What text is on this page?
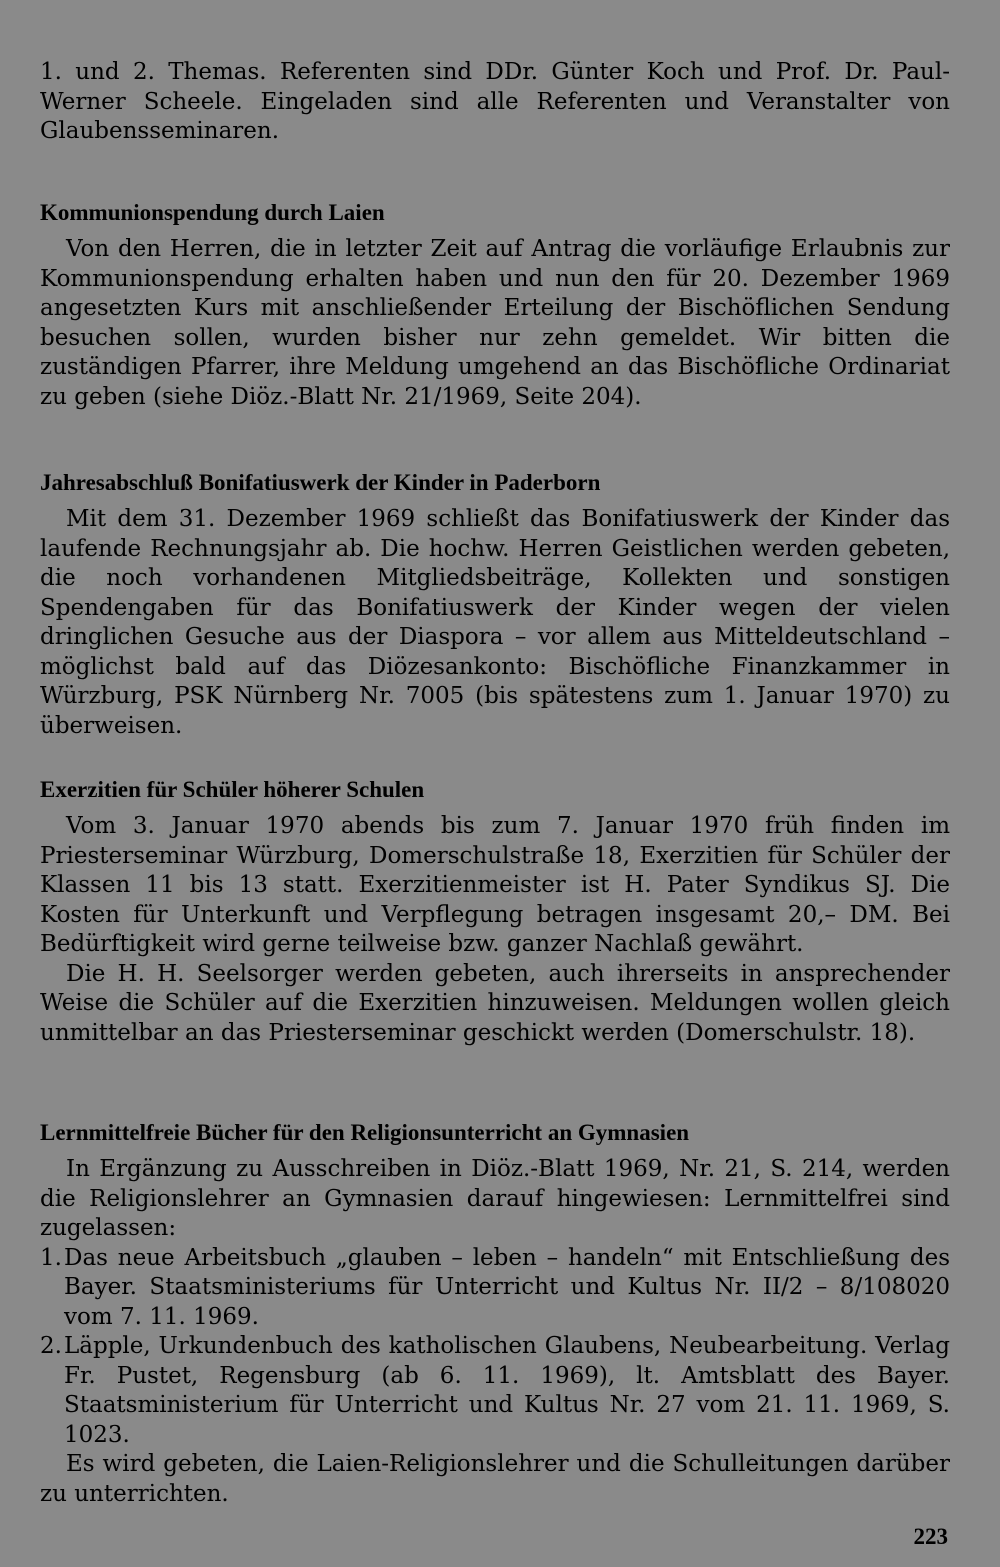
1. und 2. Themas. Referenten sind DDr. Günter Koch und Prof. Dr. Paul-Werner Scheele. Eingeladen sind alle Referenten und Veranstalter von Glaubensseminaren.

Kommunionspendung durch Laien

Von den Herren, die in letzter Zeit auf Antrag die vorläufige Erlaubnis zur Kommunionspendung erhalten haben und nun den für 20. Dezember 1969 angesetzten Kurs mit anschließender Erteilung der Bischöflichen Sendung besuchen sollen, wurden bisher nur zehn gemeldet. Wir bitten die zuständigen Pfarrer, ihre Meldung umgehend an das Bischöfliche Ordinariat zu geben (siehe Diöz.-Blatt Nr. 21/1969, Seite 204).

Jahresabschluß Bonifatiuswerk der Kinder in Paderborn

Mit dem 31. Dezember 1969 schließt das Bonifatiuswerk der Kinder das laufende Rechnungsjahr ab. Die hochw. Herren Geistlichen werden gebeten, die noch vorhandenen Mitgliedsbeiträge, Kollekten und sonstigen Spendengaben für das Bonifatiuswerk der Kinder wegen der vielen dringlichen Gesuche aus der Diaspora – vor allem aus Mitteldeutschland – möglichst bald auf das Diözesankonto: Bischöfliche Finanzkammer in Würzburg, PSK Nürnberg Nr. 7005 (bis spätestens zum 1. Januar 1970) zu überweisen.

Exerzitien für Schüler höherer Schulen

Vom 3. Januar 1970 abends bis zum 7. Januar 1970 früh finden im Priesterseminar Würzburg, Domerschulstraße 18, Exerzitien für Schüler der Klassen 11 bis 13 statt. Exerzitienmeister ist H. Pater Syndikus SJ. Die Kosten für Unterkunft und Verpflegung betragen insgesamt 20,– DM. Bei Bedürftigkeit wird gerne teilweise bzw. ganzer Nachlaß gewährt.

Die H. H. Seelsorger werden gebeten, auch ihrerseits in ansprechender Weise die Schüler auf die Exerzitien hinzuweisen. Meldungen wollen gleich unmittelbar an das Priesterseminar geschickt werden (Domerschulstr. 18).

Lernmittelfreie Bücher für den Religionsunterricht an Gymnasien

In Ergänzung zu Ausschreiben in Diöz.-Blatt 1969, Nr. 21, S. 214, werden die Religionslehrer an Gymnasien darauf hingewiesen: Lernmittelfrei sind zugelassen:

1. Das neue Arbeitsbuch „glauben – leben – handeln“ mit Entschließung des Bayer. Staatsministeriums für Unterricht und Kultus Nr. II/2 – 8/108020 vom 7. 11. 1969.
2. Läpple, Urkundenbuch des katholischen Glaubens, Neubearbeitung. Verlag Fr. Pustet, Regensburg (ab 6. 11. 1969), lt. Amtsblatt des Bayer. Staatsministerium für Unterricht und Kultus Nr. 27 vom 21. 11. 1969, S. 1023.

Es wird gebeten, die Laien-Religionslehrer und die Schulleitungen darüber zu unterrichten.

223
